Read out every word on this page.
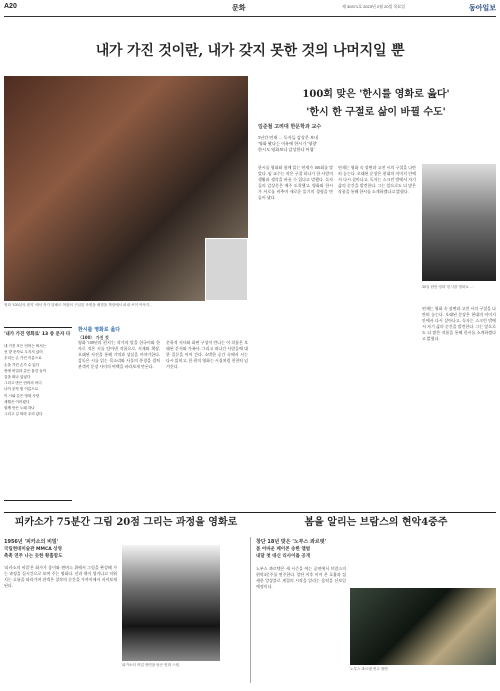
A20	문화	제 30371호 2023년 2월 20일 목요일	동아일보
내가 가진 것이란, 내가 갖지 못한 것의 나머지일 뿐
영화 '100년의 편지' 에서 작가 알베르 여왕의 구입한 조명을 배경을 책장에서 퍼내 쓰이 이야기...
'내가 가진 영화로' 13 중 문자 다
내 가진 모든 언어는 써서는
선 향 문자로 두지셔 있어
우리는 손 가진 이름으로
손을 가진 손가 수 있다
봄에 비밀과 같은 물건 들이
길을 떠나 있었다
그리고 만든 언어의 어디
나이 문자 힘 이름으로
이 시와 같은 영화 사랑
세월은 이어졌다
함께 만든 노래 하나
그리고 길 따라 우리 갔다
한시를 영화로 읊다
〈100〉 가진 것
영화 '100년의 편지'는 작가의 말을 한국어와 한자로 적은 시를 담아낸 작품으로, 서재와 책장, 오래된 사진을 통해 기억과 상실을 이야기한다. 감독은 시를 읽는 목소리와 사물의 풍경을 겹쳐 관객이 문장 사이의 여백을 바라보게 만든다.
문학적 서사와 화면 구성이 만나는 이 작품은 오래된 문서와 가족사, 그리고 떠나간 사람들에 대한 질문을 이어 간다. 소박한 공간 속에서 시는 다시 읽히고, 한 편의 영화는 시집처럼 천천히 넘겨진다.
100회 맞은 '한시를 영화로 읊다'
'한시 한 구절로 삶이 바뀔 수도'
임준철 고려대 한문학과 교수
5년간 연재 … 독자들 감상문 보내
'영화 봤다는 이유에 한시가 '영향'
한시도 영화보다 감상한다 어렵'
30일 원안 영화 '한시를 영화로 ...'
한시를 영화와 함께 읽는 연재가 100회를 맞았다. 임 교수는 작은 구절 하나가 한 사람의 생활과 생각을 바꿀 수 있다고 말했다. 독자들의 감상문은 매주 도착했고, 영화와 한시가 서로를 비추며 새로운 읽기의 경험을 만들어 냈다.
연재는 영화 속 장면과 고전 시의 구절을 나란히 놓는다. 오래된 문장은 현대의 이미지 안에서 다시 살아나고, 독자는 스크린 밖에서 자기 삶의 순간을 발견한다. 그는 앞으로도 더 많은 작품을 통해 한시를 소개하겠다고 밝혔다.
연재는 영화 속 장면과 고전 시의 구절을 나란히 놓는다. 오래된 문장은 현대의 이미지 안에서 다시 살아나고, 독자는 스크린 밖에서 자기 삶의 순간을 발견한다. 그는 앞으로도 더 많은 작품을 통해 한시를 소개하겠다고 밝혔다.
피카소가 75분간 그림 20점 그리는 과정을 영화로	봄을 알리는 브람스의 현악4중주
1956년 '피카소의 비밀'
국립현대미술관 MMCA 상영
촉촉 연주 나는 듯한 황홀함도
'피카소의 비밀'은 화가가 종이와 캔버스 위에서 그림을 완성해 가는 과정을 실시간으로 보여 주는 영화다. 선과 색이 생겨나고 지워지는 흐름을 따라가며 관객은 창작의 순간을 가까이에서 지켜보게 된다.
피카소의 작업 장면을 담은 영화 스틸.
창단 18년 맞은 '노부스 콰르텟'
봄 어바운 페이콘 송한 앨범
내달 첫 대신 리사이틀 공개
노부스 콰르텟은 새 시즌을 여는 공연에서 브람스의 현악4중주를 연주한다. 창단 이후 이어 온 호흡과 섬세한 앙상블로 계절의 시작을 알리는 음악을 선보일 예정이다.
노부스 콰르텟 연주 장면.
